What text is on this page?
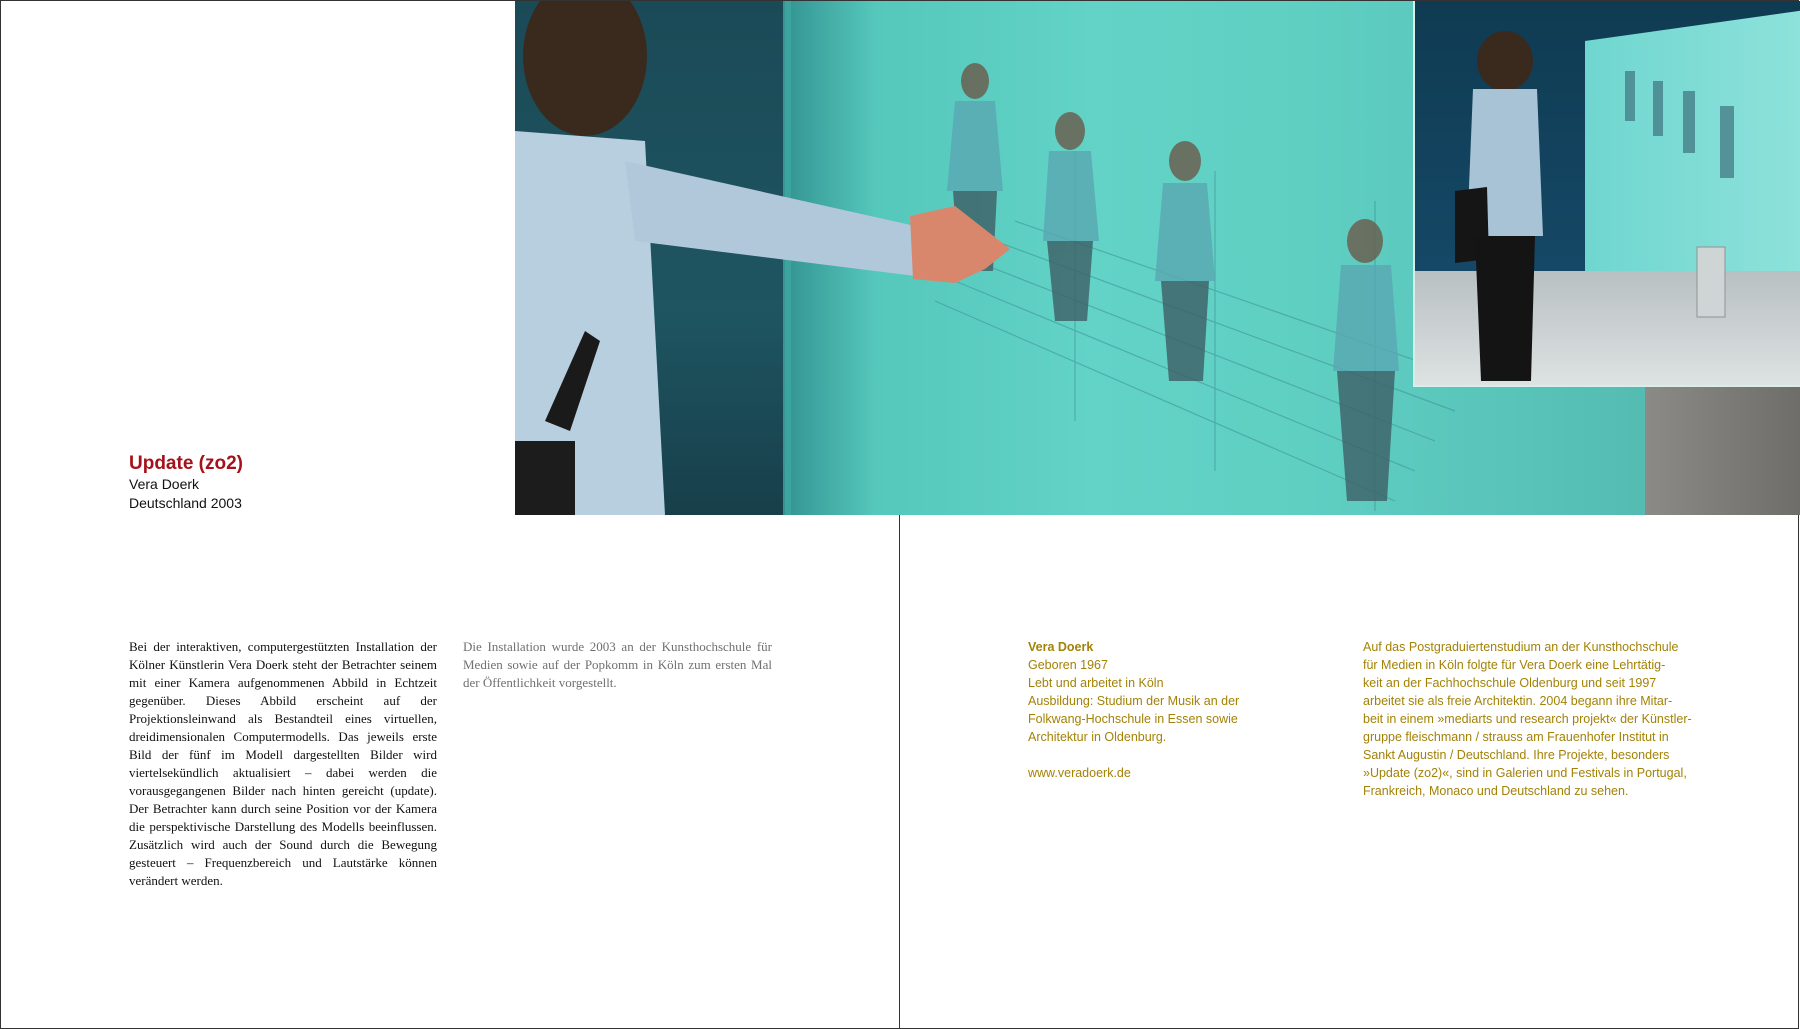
Update (zo2)
Vera Doerk
Deutschland 2003
Bei der interaktiven, computergestützten Installation der Kölner Künstlerin Vera Doerk steht der Betrachter seinem mit einer Kamera aufgenommenen Abbild in Echtzeit gegenüber. Dieses Abbild erscheint auf der Projektionsleinwand als Bestandteil eines virtuellen, dreidimensionalen Computermodells. Das jeweils erste Bild der fünf im Modell dargestellten Bilder wird viertelsekündlich aktualisiert – dabei werden die vorausgegangenen Bilder nach hinten gereicht (update). Der Betrachter kann durch seine Position vor der Kamera die perspektivische Darstellung des Modells beeinflussen. Zusätzlich wird auch der Sound durch die Bewegung gesteuert – Frequenzbereich und Lautstärke können verändert werden.
Die Installation wurde 2003 an der Kunsthochschule für Medien sowie auf der Popkomm in Köln zum ersten Mal der Öffentlichkeit vorgestellt.
Vera Doerk
Geboren 1967
Lebt und arbeitet in Köln
Ausbildung: Studium der Musik an der
Folkwang-Hochschule in Essen sowie
Architektur in Oldenburg.
www.veradoerk.de
Auf das Postgraduiertenstudium an der Kunsthochschule
für Medien in Köln folgte für Vera Doerk eine Lehrtätig-
keit an der Fachhochschule Oldenburg und seit 1997
arbeitet sie als freie Architektin. 2004 begann ihre Mitar-
beit in einem »mediarts und research projekt« der Künstler-
gruppe fleischmann / strauss am Frauenhofer Institut in
Sankt Augustin / Deutschland. Ihre Projekte, besonders
»Update (zo2)«, sind in Galerien und Festivals in Portugal,
Frankreich, Monaco und Deutschland zu sehen.
